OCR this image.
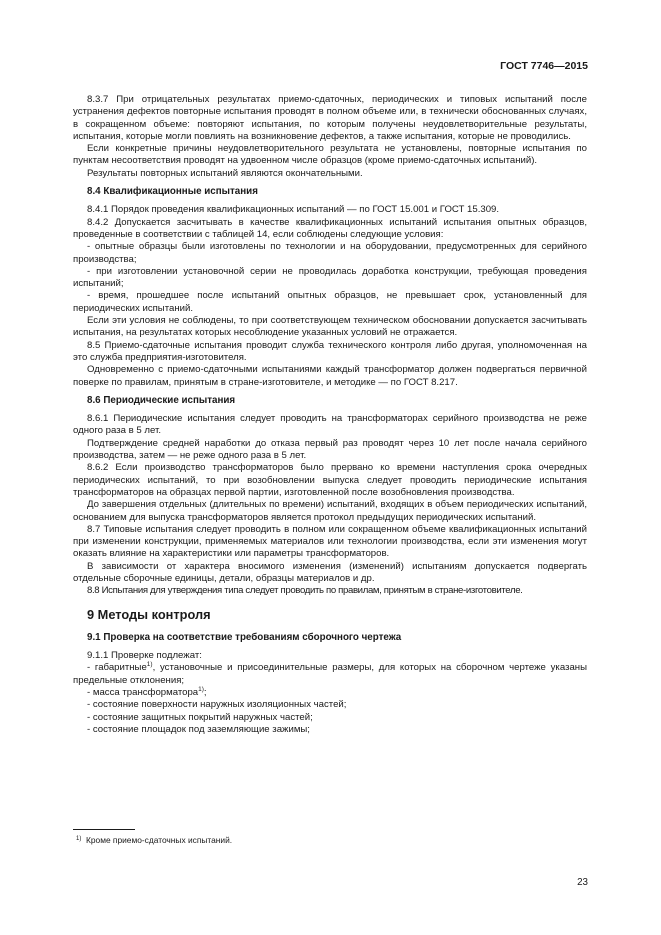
ГОСТ 7746—2015

8.3.7 При отрицательных результатах приемо-сдаточных, периодических и типовых испытаний после устранения дефектов повторные испытания проводят в полном объеме или, в технически обоснованных случаях, в сокращенном объеме: повторяют испытания, по которым получены неудовлетворительные результаты, испытания, которые могли повлиять на возникновение дефектов, а также испытания, которые не проводились.

Если конкретные причины неудовлетворительного результата не установлены, повторные испытания по пунктам несоответствия проводят на удвоенном числе образцов (кроме приемо-сдаточных испытаний).

Результаты повторных испытаний являются окончательными.

8.4 Квалификационные испытания

8.4.1 Порядок проведения квалификационных испытаний — по ГОСТ 15.001 и ГОСТ 15.309.

8.4.2 Допускается засчитывать в качестве квалификационных испытаний испытания опытных образцов, проведенные в соответствии с таблицей 14, если соблюдены следующие условия:

- опытные образцы были изготовлены по технологии и на оборудовании, предусмотренных для серийного производства;

- при изготовлении установочной серии не проводилась доработка конструкции, требующая проведения испытаний;

- время, прошедшее после испытаний опытных образцов, не превышает срок, установленный для периодических испытаний.

Если эти условия не соблюдены, то при соответствующем техническом обосновании допускается засчитывать испытания, на результатах которых несоблюдение указанных условий не отражается.

8.5 Приемо-сдаточные испытания проводит служба технического контроля либо другая, уполномоченная на это служба предприятия-изготовителя.

Одновременно с приемо-сдаточными испытаниями каждый трансформатор должен подвергаться первичной поверке по правилам, принятым в стране-изготовителе, и методике — по ГОСТ 8.217.

8.6 Периодические испытания

8.6.1 Периодические испытания следует проводить на трансформаторах серийного производства не реже одного раза в 5 лет.

Подтверждение средней наработки до отказа первый раз проводят через 10 лет после начала серийного производства, затем — не реже одного раза в 5 лет.

8.6.2 Если производство трансформаторов было прервано ко времени наступления срока очередных периодических испытаний, то при возобновлении выпуска следует проводить периодические испытания трансформаторов на образцах первой партии, изготовленной после возобновления производства.

До завершения отдельных (длительных по времени) испытаний, входящих в объем периодических испытаний, основанием для выпуска трансформаторов является протокол предыдущих периодических испытаний.

8.7 Типовые испытания следует проводить в полном или сокращенном объеме квалификационных испытаний при изменении конструкции, применяемых материалов или технологии производства, если эти изменения могут оказать влияние на характеристики или параметры трансформаторов.

В зависимости от характера вносимого изменения (изменений) испытаниям допускается подвергать отдельные сборочные единицы, детали, образцы материалов и др.

8.8 Испытания для утверждения типа следует проводить по правилам, принятым в стране-изготовителе.

9 Методы контроля
9.1 Проверка на соответствие требованиям сборочного чертежа

9.1.1 Проверке подлежат:

- габаритные$^{1)}$, установочные и присоединительные размеры, для которых на сборочном чертеже указаны предельные отклонения;

- масса трансформатора$^{1)}$;

- состояние поверхности наружных изоляционных частей;

- состояние защитных покрытий наружных частей;

- состояние площадок под заземляющие зажимы;

$^{1)}$ Кроме приемо-сдаточных испытаний.
23
